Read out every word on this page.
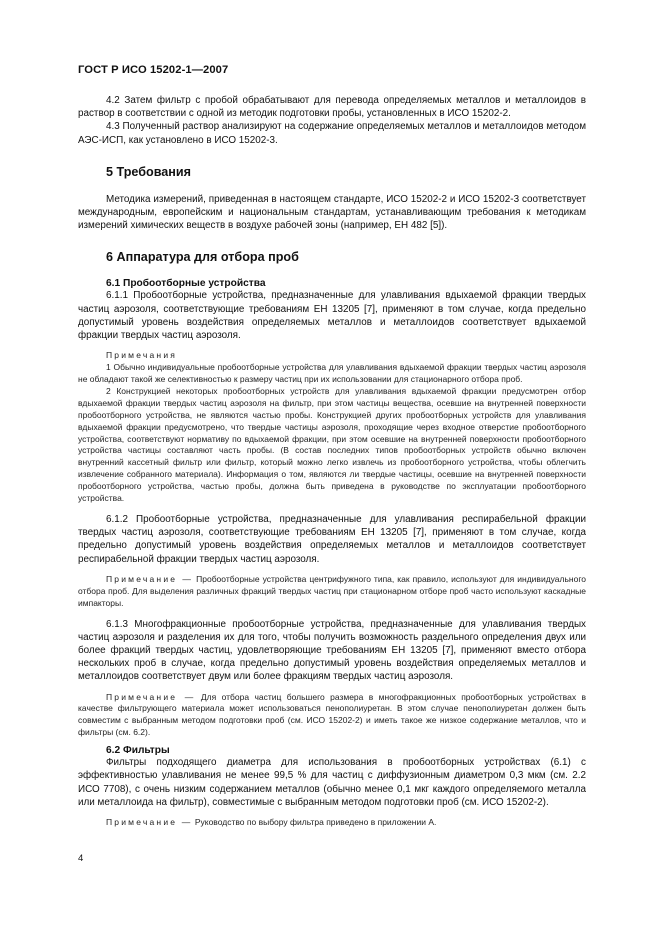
ГОСТ Р ИСО 15202-1—2007

4.2 Затем фильтр с пробой обрабатывают для перевода определяемых металлов и металлоидов в раствор в соответствии с одной из методик подготовки пробы, установленных в ИСО 15202-2.

4.3 Полученный раствор анализируют на содержание определяемых металлов и металлоидов методом АЭС-ИСП, как установлено в ИСО 15202-3.

5 Требования

Методика измерений, приведенная в настоящем стандарте, ИСО 15202-2 и ИСО 15202-3 соответствует международным, европейским и национальным стандартам, устанавливающим требования к методикам измерений химических веществ в воздухе рабочей зоны (например, ЕН 482 [5]).

6 Аппаратура для отбора проб

6.1 Пробоотборные устройства

6.1.1 Пробоотборные устройства, предназначенные для улавливания вдыхаемой фракции твердых частиц аэрозоля, соответствующие требованиям ЕН 13205 [7], применяют в том случае, когда предельно допустимый уровень воздействия определяемых металлов и металлоидов соответствует вдыхаемой фракции твердых частиц аэрозоля.

Примечания

1 Обычно индивидуальные пробоотборные устройства для улавливания вдыхаемой фракции твердых частиц аэрозоля не обладают такой же селективностью к размеру частиц при их использовании для стационарного отбора проб.

2 Конструкцией некоторых пробоотборных устройств для улавливания вдыхаемой фракции предусмотрен отбор вдыхаемой фракции твердых частиц аэрозоля на фильтр, при этом частицы вещества, осевшие на внутренней поверхности пробоотборного устройства, не являются частью пробы. Конструкцией других пробоотборных устройств для улавливания вдыхаемой фракции предусмотрено, что твердые частицы аэрозоля, проходящие через входное отверстие пробоотборного устройства, соответствуют нормативу по вдыхаемой фракции, при этом осевшие на внутренней поверхности пробоотборного устройства частицы составляют часть пробы. (В состав последних типов пробоотборных устройств обычно включен внутренний кассетный фильтр или фильтр, который можно легко извлечь из пробоотборного устройства, чтобы облегчить извлечение собранного материала). Информация о том, являются ли твердые частицы, осевшие на внутренней поверхности пробоотборного устройства, частью пробы, должна быть приведена в руководстве по эксплуатации пробоотборного устройства.

6.1.2 Пробоотборные устройства, предназначенные для улавливания респирабельной фракции твердых частиц аэрозоля, соответствующие требованиям ЕН 13205 [7], применяют в том случае, когда предельно допустимый уровень воздействия определяемых металлов и металлоидов соответствует респирабельной фракции твердых частиц аэрозоля.

Примечание — Пробоотборные устройства центрифужного типа, как правило, используют для индивидуального отбора проб. Для выделения различных фракций твердых частиц при стационарном отборе проб часто используют каскадные импакторы.

6.1.3 Многофракционные пробоотборные устройства, предназначенные для улавливания твердых частиц аэрозоля и разделения их для того, чтобы получить возможность раздельного определения двух или более фракций твердых частиц, удовлетворяющие требованиям ЕН 13205 [7], применяют вместо отбора нескольких проб в случае, когда предельно допустимый уровень воздействия определяемых металлов и металлоидов соответствует двум или более фракциям твердых частиц аэрозоля.

Примечание — Для отбора частиц большего размера в многофракционных пробоотборных устройствах в качестве фильтрующего материала может использоваться пенополиуретан. В этом случае пенополиуретан должен быть совместим с выбранным методом подготовки проб (см. ИСО 15202-2) и иметь такое же низкое содержание металлов, что и фильтры (см. 6.2).

6.2 Фильтры

Фильтры подходящего диаметра для использования в пробоотборных устройствах (6.1) с эффективностью улавливания не менее 99,5 % для частиц с диффузионным диаметром 0,3 мкм (см. 2.2 ИСО 7708), с очень низким содержанием металлов (обычно менее 0,1 мкг каждого определяемого металла или металлоида на фильтр), совместимые с выбранным методом подготовки проб (см. ИСО 15202-2).

Примечание — Руководство по выбору фильтра приведено в приложении А.

4
